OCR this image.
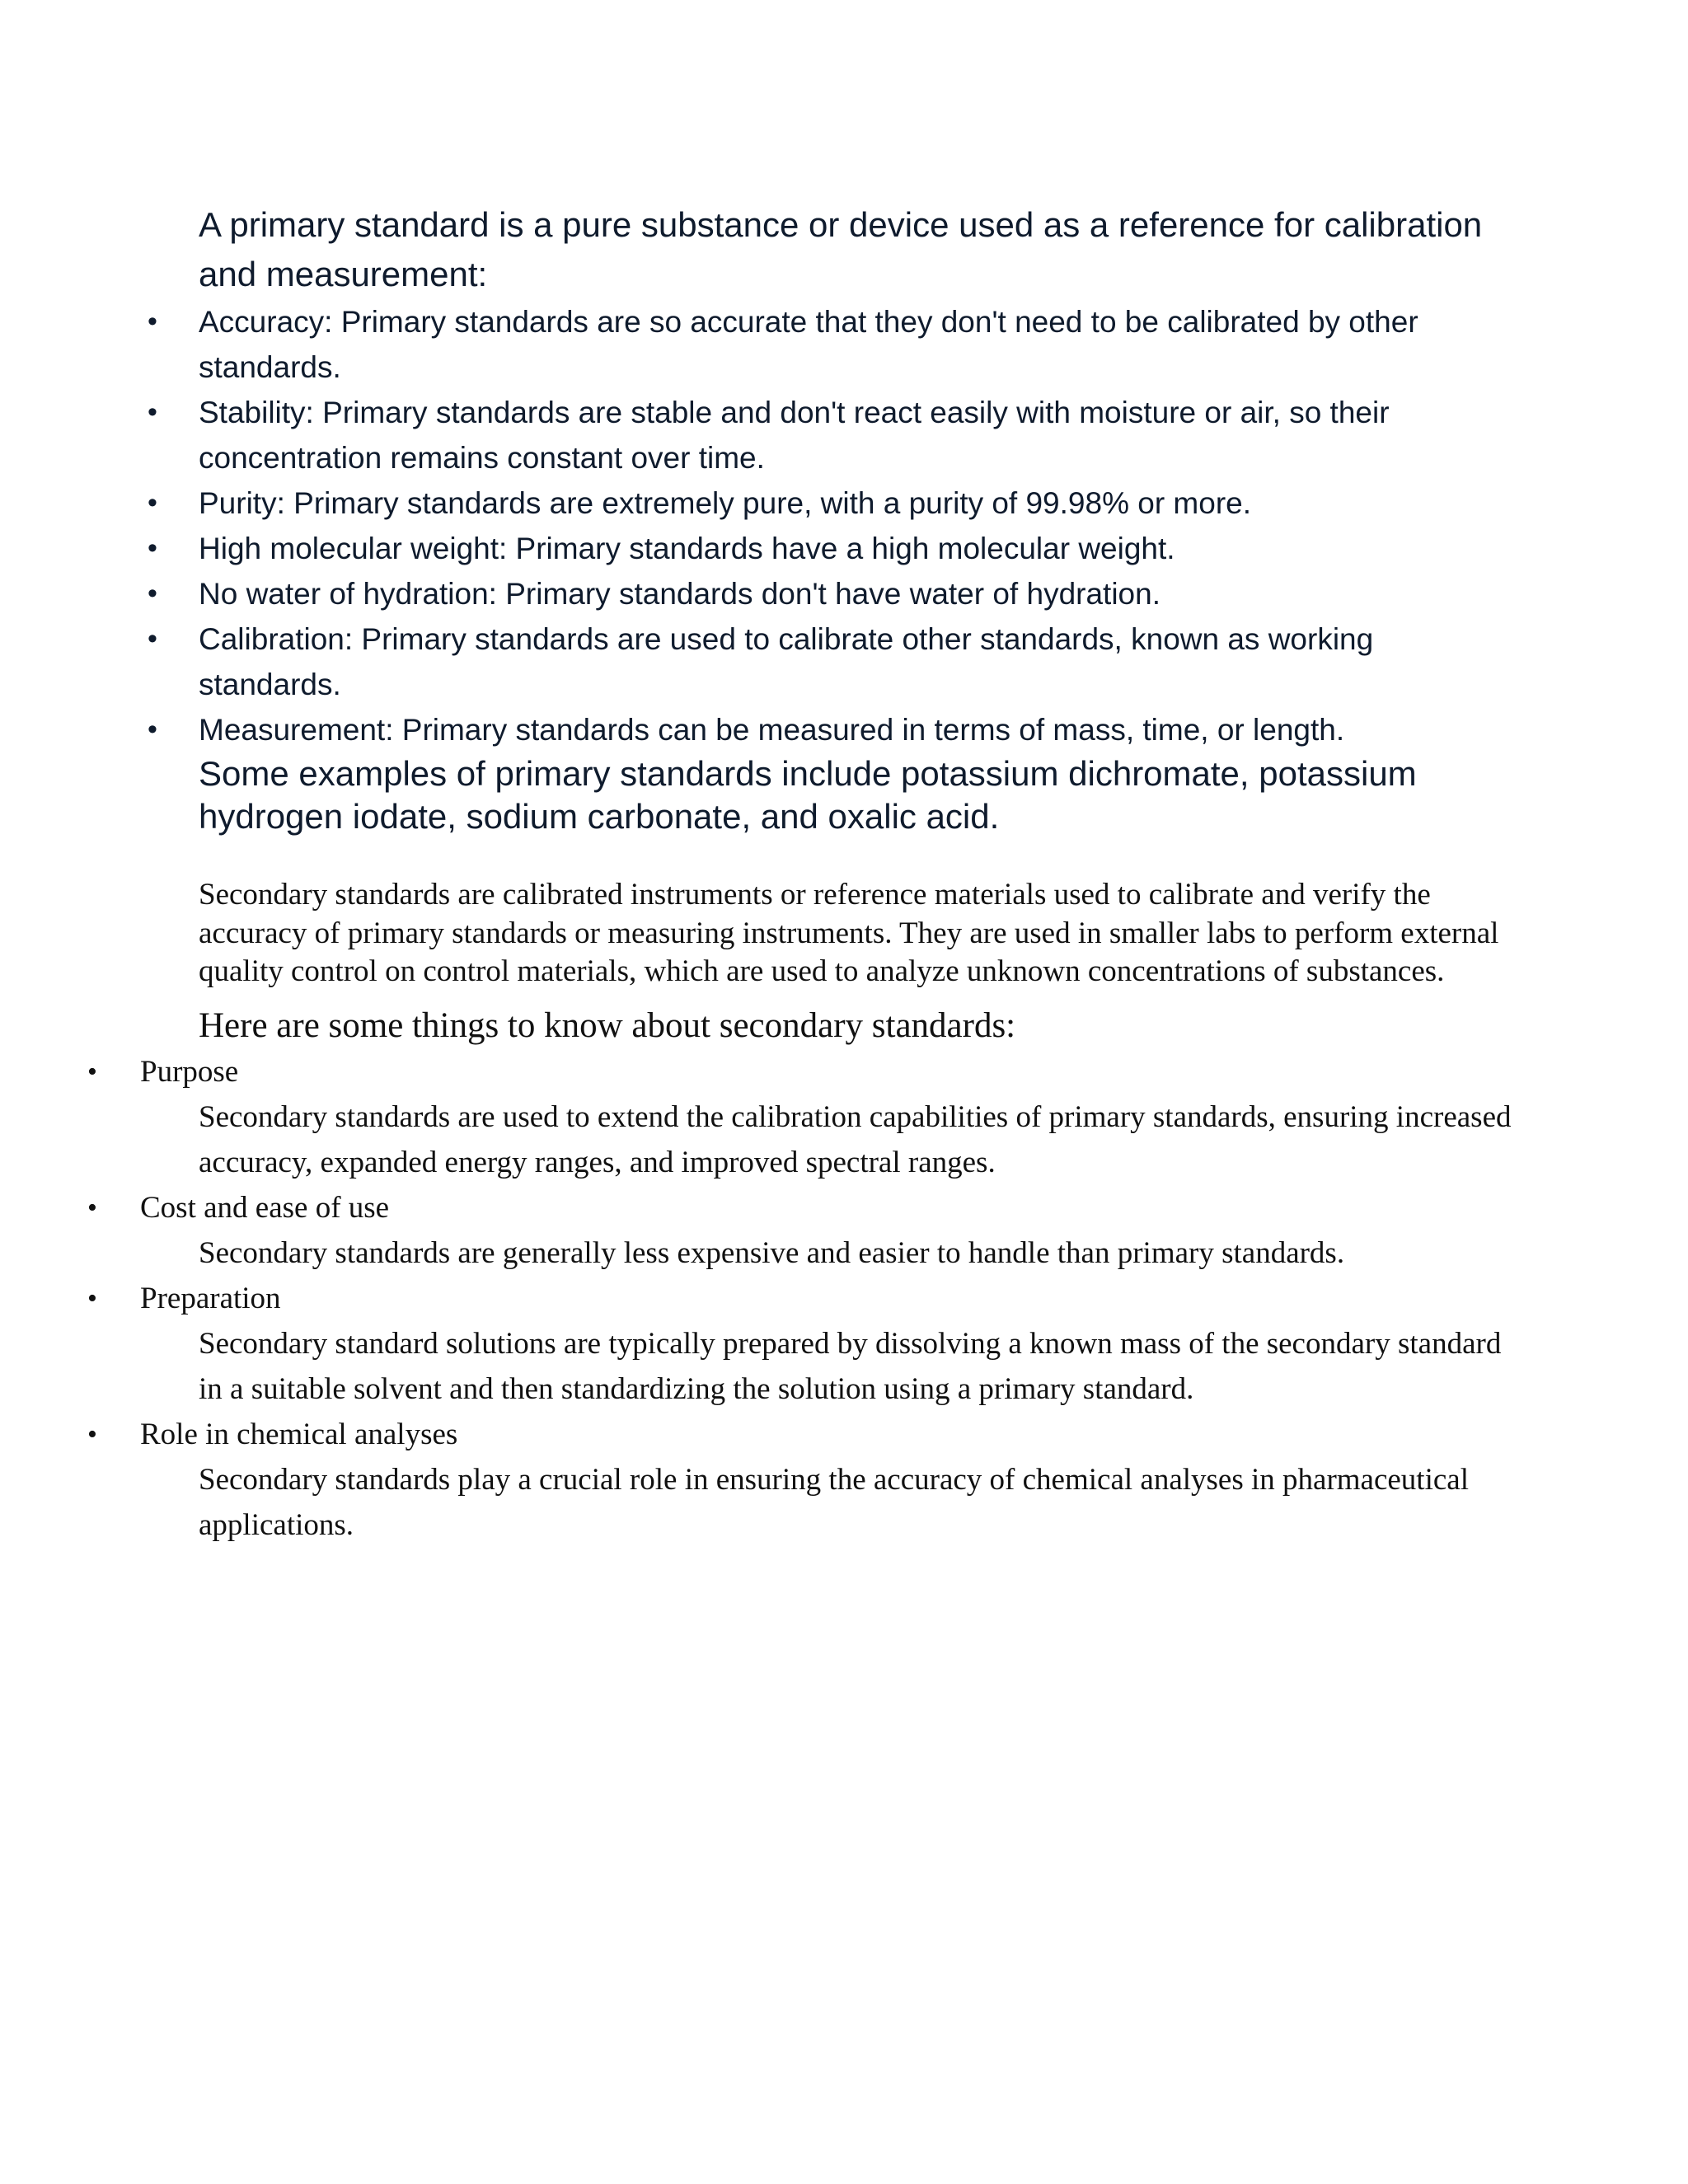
A primary standard is a pure substance or device used as a reference for calibration and measurement:

• Accuracy: Primary standards are so accurate that they don't need to be calibrated by other standards.
• Stability: Primary standards are stable and don't react easily with moisture or air, so their concentration remains constant over time.
• Purity: Primary standards are extremely pure, with a purity of 99.98% or more.
• High molecular weight: Primary standards have a high molecular weight.
• No water of hydration: Primary standards don't have water of hydration.
• Calibration: Primary standards are used to calibrate other standards, known as working standards.
• Measurement: Primary standards can be measured in terms of mass, time, or length.

Some examples of primary standards include potassium dichromate, potassium hydrogen iodate, sodium carbonate, and oxalic acid.

Secondary standards are calibrated instruments or reference materials used to calibrate and verify the accuracy of primary standards or measuring instruments. They are used in smaller labs to perform external quality control on control materials, which are used to analyze unknown concentrations of substances.

Here are some things to know about secondary standards:

• Purpose
Secondary standards are used to extend the calibration capabilities of primary standards, ensuring increased accuracy, expanded energy ranges, and improved spectral ranges.
• Cost and ease of use
Secondary standards are generally less expensive and easier to handle than primary standards.
• Preparation
Secondary standard solutions are typically prepared by dissolving a known mass of the secondary standard in a suitable solvent and then standardizing the solution using a primary standard.
• Role in chemical analyses
Secondary standards play a crucial role in ensuring the accuracy of chemical analyses in pharmaceutical applications.
